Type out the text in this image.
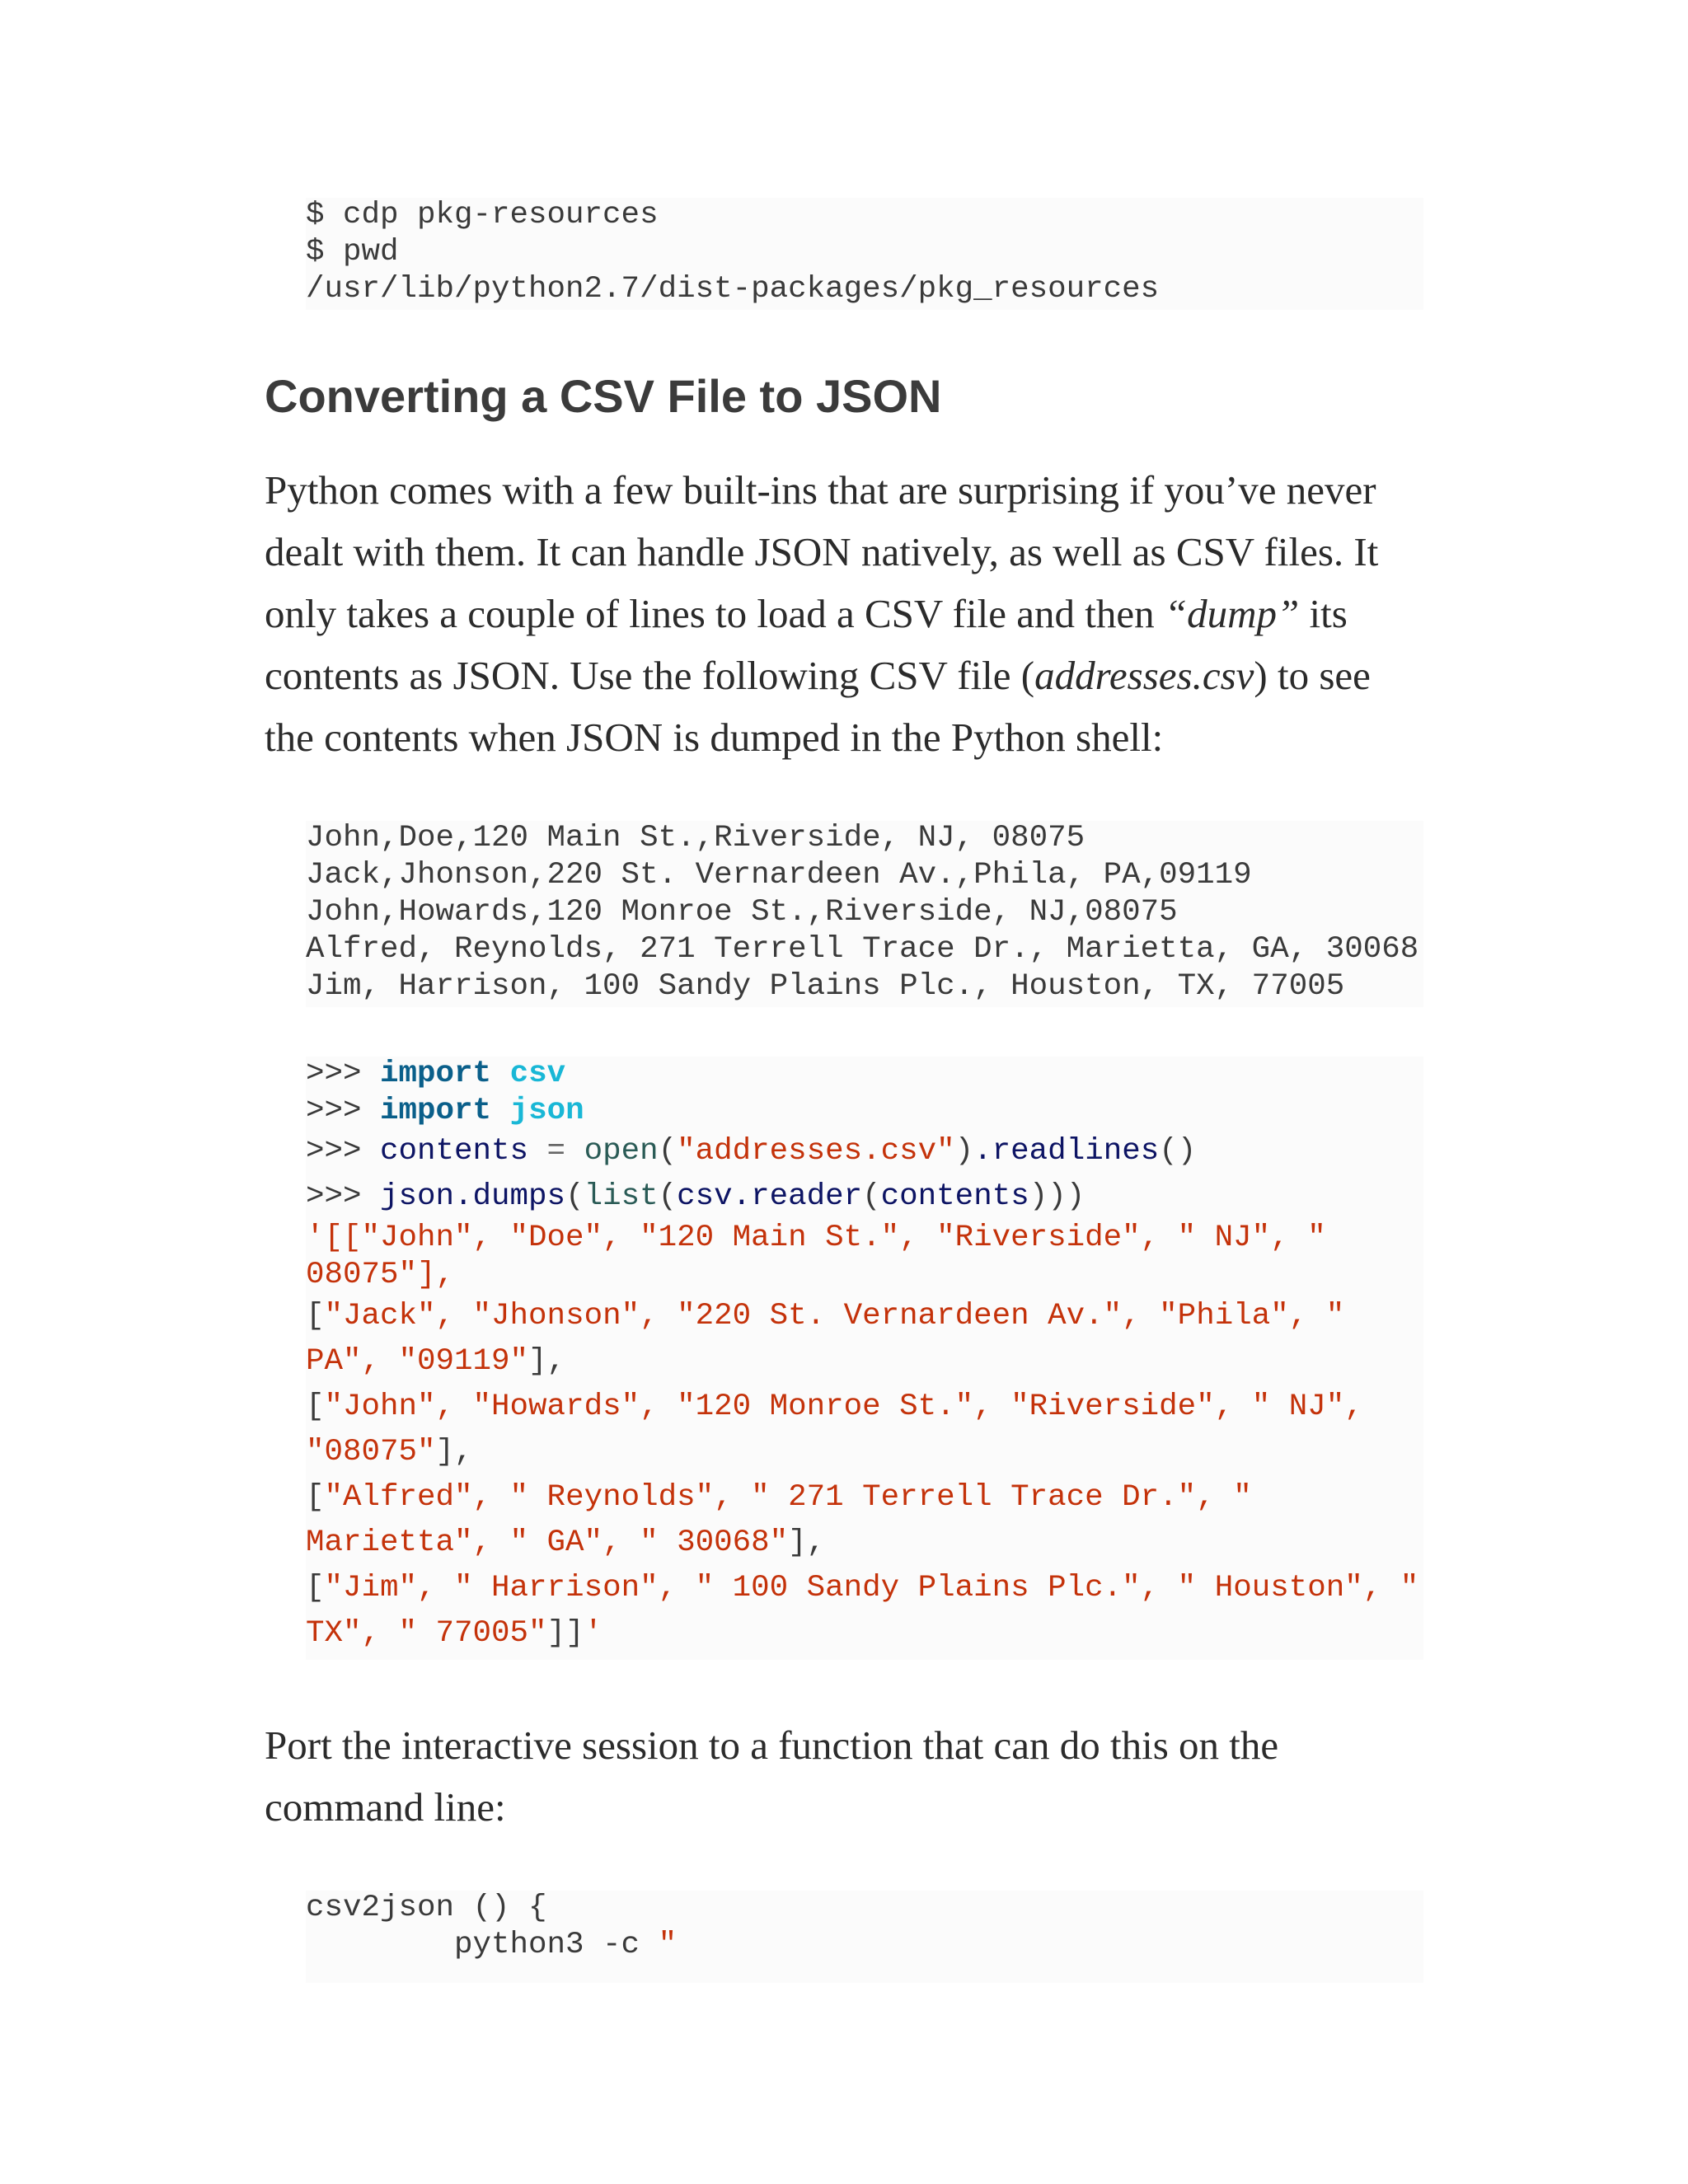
$ cdp pkg-resources

$ pwd

/usr/lib/python2.7/dist-packages/pkg_resources

Converting a CSV File to JSON
Python comes with a few built-ins that are surprising if you’ve never
dealt with them. It can handle JSON natively, as well as CSV files. It
only takes a couple of lines to load a CSV file and then “dump” its
contents as JSON. Use the following CSV file (addresses.csv) to see
the contents when JSON is dumped in the Python shell:

John,Doe,120 Main St.,Riverside, NJ, 08075

Jack,Jhonson,220 St. Vernardeen Av.,Phila, PA,09119

John,Howards,120 Monroe St.,Riverside, NJ,08075

Alfred, Reynolds, 271 Terrell Trace Dr., Marietta, GA, 30068

Jim, Harrison, 100 Sandy Plains Plc., Houston, TX, 77005

>>> import csv

>>> import json

>>> contents = open("addresses.csv").readlines()

>>> json.dumps(list(csv.reader(contents)))

'[["John", "Doe", "120 Main St.", "Riverside", " NJ", "

08075"],

["Jack", "Jhonson", "220 St. Vernardeen Av.", "Phila", "

PA", "09119"],

["John", "Howards", "120 Monroe St.", "Riverside", " NJ",

"08075"],

["Alfred", " Reynolds", " 271 Terrell Trace Dr.", "

Marietta", " GA", " 30068"],

["Jim", " Harrison", " 100 Sandy Plains Plc.", " Houston", "

TX", " 77005"]]'

Port the interactive session to a function that can do this on the
command line:

csv2json () {

python3 -c "
